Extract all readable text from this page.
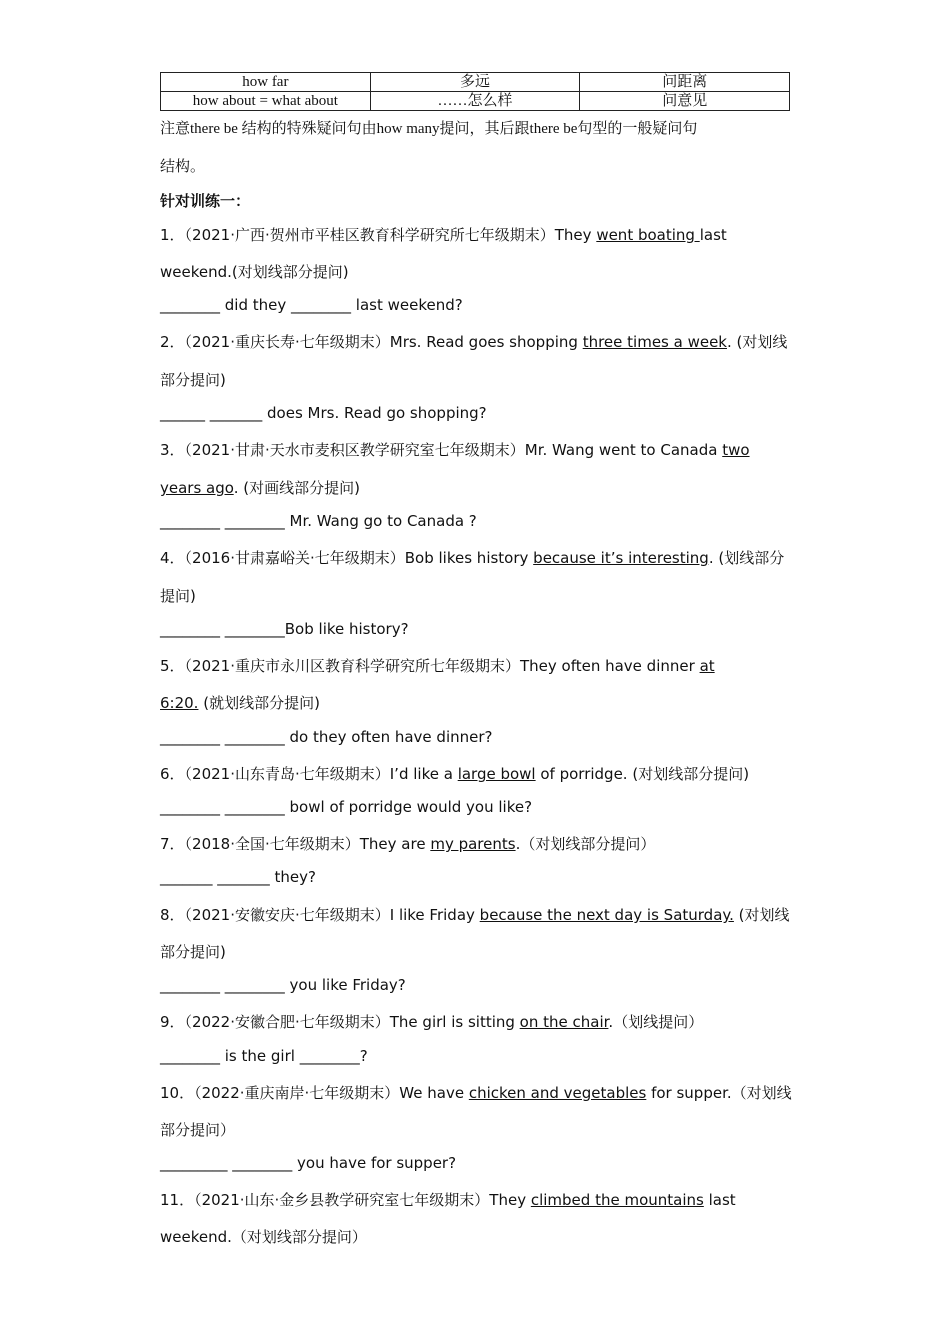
how far	多远	问距离
how about = what about	……怎么样	问意见
注意there be 结构的特殊疑问句由how many提问，其后跟there be句型的一般疑问句
结构。
针对训练一：
1．（2021·广西·贺州市平桂区教育科学研究所七年级期末）They went boating last
weekend.(对划线部分提问)
________ did they ________ last weekend?
2．（2021·重庆长寿·七年级期末）Mrs. Read goes shopping three times a week. (对划线
部分提问)
______ _______ does Mrs. Read go shopping?
3．（2021·甘肃·天水市麦积区教学研究室七年级期末）Mr. Wang went to Canada two
years ago. (对画线部分提问)
________ ________ Mr. Wang go to Canada ?
4．（2016·甘肃嘉峪关·七年级期末）Bob likes history because it’s interesting. (划线部分
提问)
________ ________Bob like history?
5．（2021·重庆市永川区教育科学研究所七年级期末）They often have dinner at
6:20. (就划线部分提问)
________ ________ do they often have dinner?
6．（2021·山东青岛·七年级期末）I’d like a large bowl of porridge. (对划线部分提问)
________ ________ bowl of porridge would you like?
7．（2018·全国·七年级期末）They are my parents.（对划线部分提问）
_______ _______ they?
8．（2021·安徽安庆·七年级期末）I like Friday because the next day is Saturday. (对划线
部分提问)
________ ________ you like Friday?
9．（2022·安徽合肥·七年级期末）The girl is sitting on the chair.（划线提问）
________ is the girl ________?
10．（2022·重庆南岸·七年级期末）We have chicken and vegetables for supper.（对划线
部分提问）
_________ ________ you have for supper?
11．（2021·山东·金乡县教学研究室七年级期末）They climbed the mountains last
weekend.（对划线部分提问）
